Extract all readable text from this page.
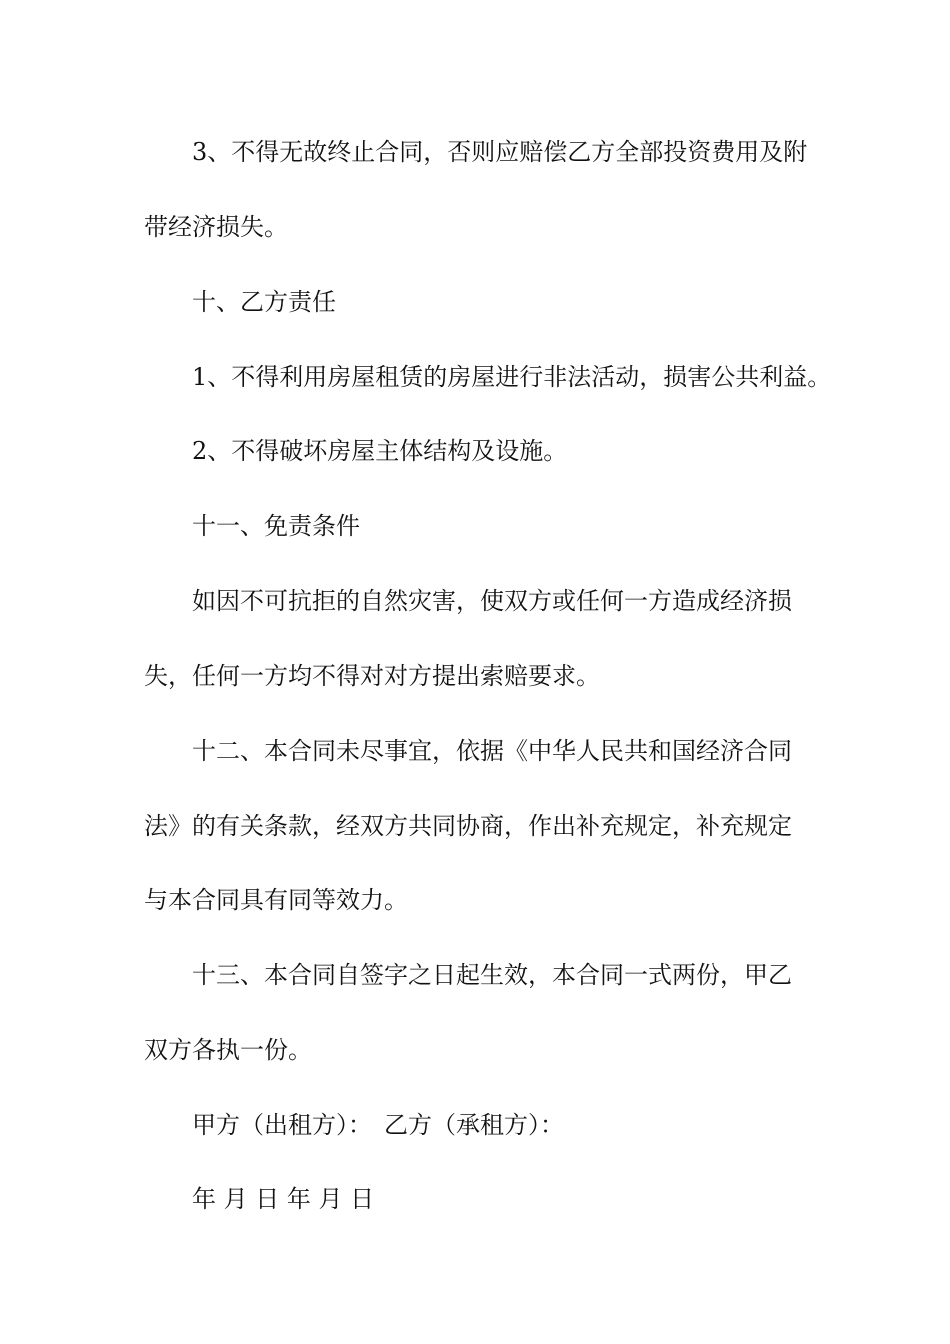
3、不得无故终止合同，否则应赔偿乙方全部投资费用及附

带经济损失。

十、乙方责任

1、不得利用房屋租赁的房屋进行非法活动，损害公共利益。

2、不得破坏房屋主体结构及设施。

十一、免责条件

如因不可抗拒的自然灾害，使双方或任何一方造成经济损

失，任何一方均不得对对方提出索赔要求。

十二、本合同未尽事宜，依据《中华人民共和国经济合同

法》的有关条款，经双方共同协商，作出补充规定，补充规定

与本合同具有同等效力。

十三、本合同自签字之日起生效，本合同一式两份，甲乙

双方各执一份。

甲方（出租方）：　乙方（承租方）：

年 月 日 年 月 日
